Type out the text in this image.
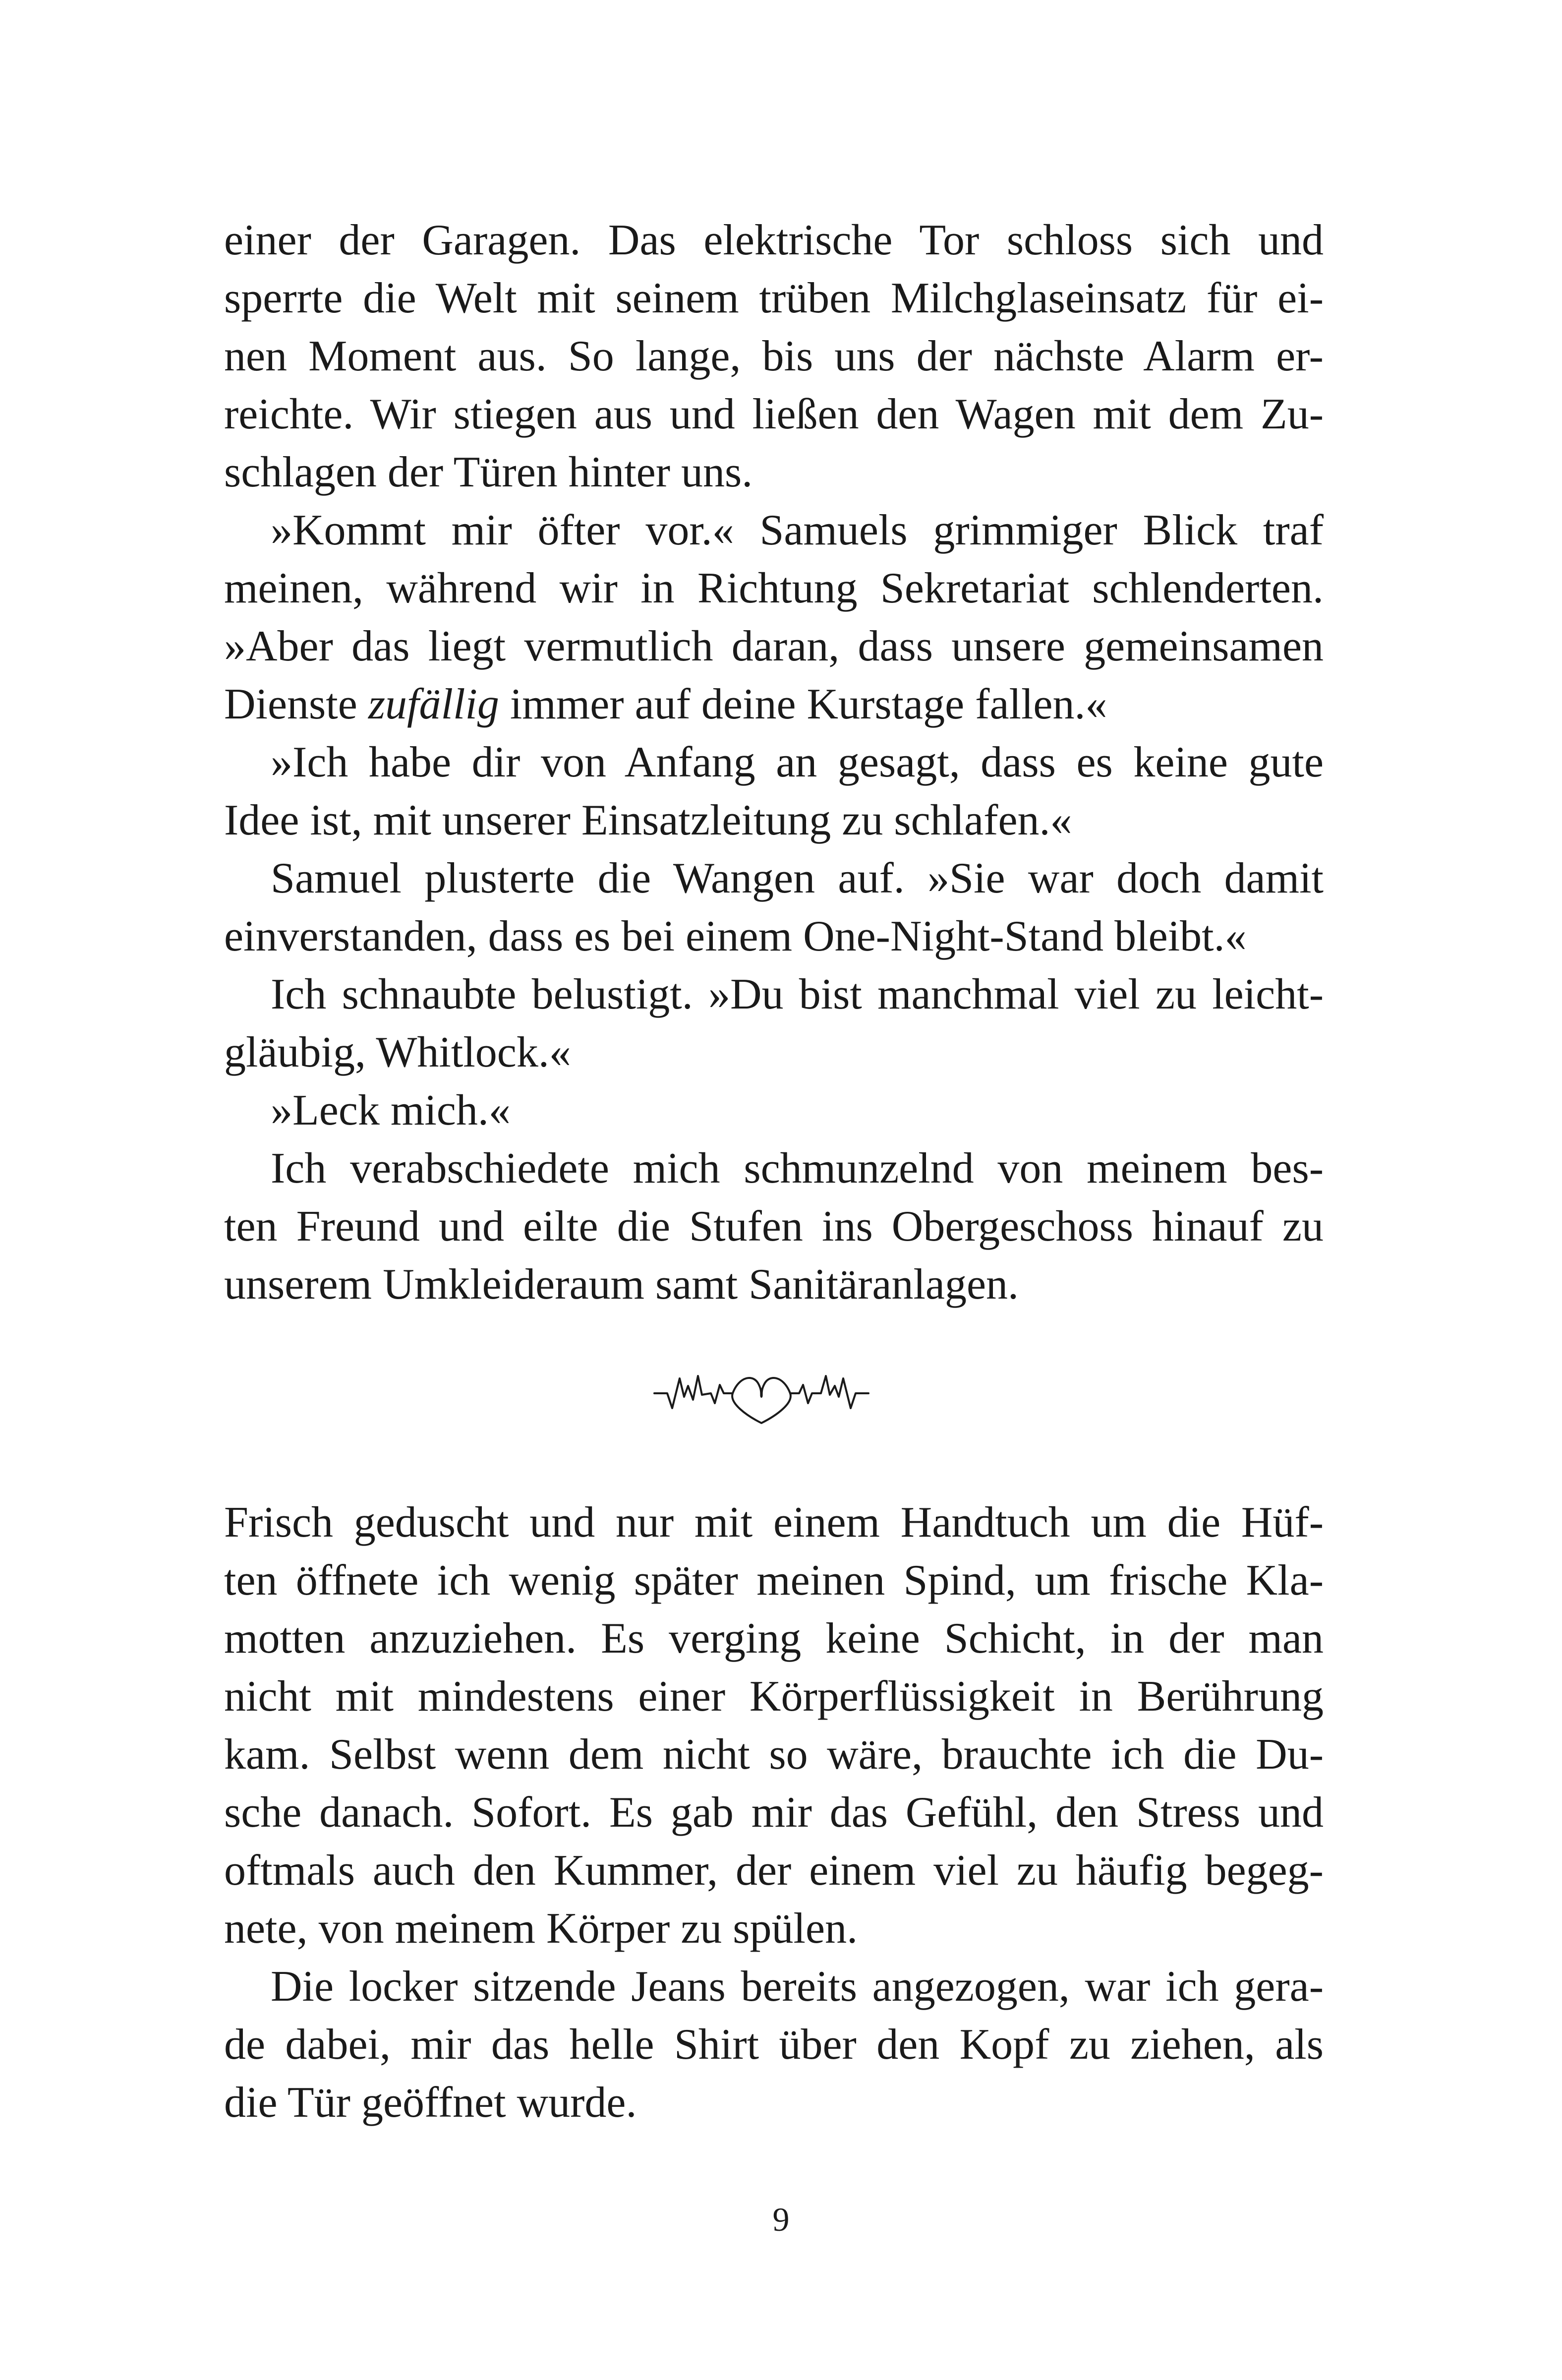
einer der Garagen. Das elektrische Tor schloss sich und
sperrte die Welt mit seinem trüben Milchglaseinsatz für ei-
nen Moment aus. So lange, bis uns der nächste Alarm er-
reichte. Wir stiegen aus und ließen den Wagen mit dem Zu-
schlagen der Türen hinter uns.
»Kommt mir öfter vor.« Samuels grimmiger Blick traf
meinen, während wir in Richtung Sekretariat schlenderten.
»Aber das liegt vermutlich daran, dass unsere gemeinsamen
Dienste zufällig immer auf deine Kurstage fallen.«
»Ich habe dir von Anfang an gesagt, dass es keine gute
Idee ist, mit unserer Einsatzleitung zu schlafen.«
Samuel plusterte die Wangen auf. »Sie war doch damit
einverstanden, dass es bei einem One-Night-Stand bleibt.«
Ich schnaubte belustigt. »Du bist manchmal viel zu leicht-
gläubig, Whitlock.«
»Leck mich.«
Ich verabschiedete mich schmunzelnd von meinem bes-
ten Freund und eilte die Stufen ins Obergeschoss hinauf zu
unserem Umkleideraum samt Sanitäranlagen.
Frisch geduscht und nur mit einem Handtuch um die Hüf-
ten öffnete ich wenig später meinen Spind, um frische Kla-
motten anzuziehen. Es verging keine Schicht, in der man
nicht mit mindestens einer Körperflüssigkeit in Berührung
kam. Selbst wenn dem nicht so wäre, brauchte ich die Du-
sche danach. Sofort. Es gab mir das Gefühl, den Stress und
oftmals auch den Kummer, der einem viel zu häufig begeg-
nete, von meinem Körper zu spülen.
Die locker sitzende Jeans bereits angezogen, war ich gera-
de dabei, mir das helle Shirt über den Kopf zu ziehen, als
die Tür geöffnet wurde.
9
